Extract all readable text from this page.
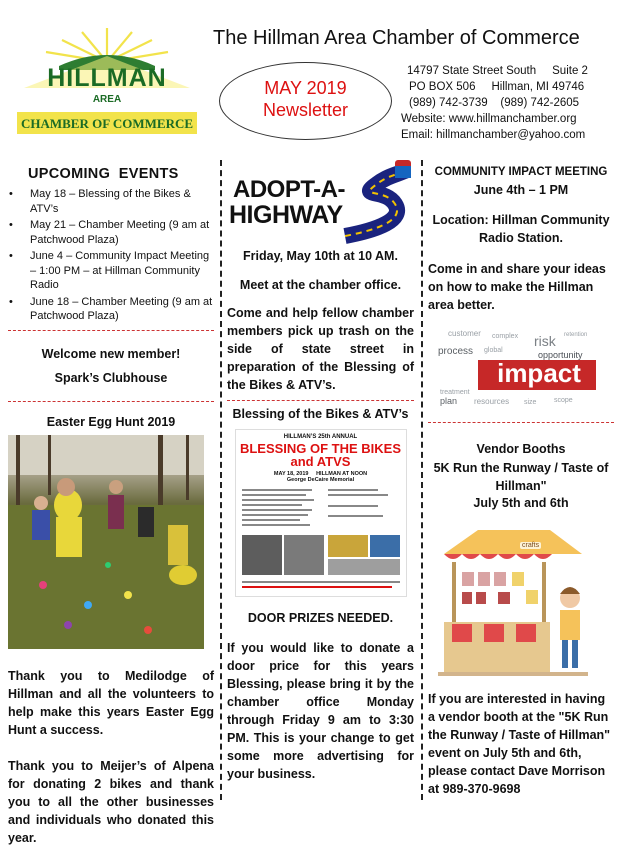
HILLMAN
AREA
CHAMBER OF COMMERCE
The Hillman Area Chamber of Commerce
MAY 2019
Newsletter
14797 State Street South     Suite 2
PO BOX 506     Hillman, MI 49746
(989) 742-3739    (989) 742-2605
Website: www.hillmanchamber.org
Email: hillmanchamber@yahoo.com
UPCOMING  EVENTS
• May 18 – Blessing of the Bikes & ATV’s
• May 21 – Chamber Meeting (9 am at Patchwood Plaza)
• June 4 – Community Impact Meeting – 1:00 PM – at Hillman Community Radio
• June 18 – Chamber Meeting (9 am at Patchwood Plaza)
Welcome new member!
Spark’s Clubhouse
Easter Egg Hunt 2019
Thank you to Medilodge of Hillman and all the volunteers to help make this years Easter Egg Hunt a success.
Thank you to Meijer’s of Alpena for donating 2 bikes and thank you to all the other businesses and individuals who donated this year.
ADOPT-A-
HIGHWAY
Friday, May 10th at 10 AM.
Meet at the chamber office.
Come and help fellow chamber members pick up trash on the side of state street in preparation of the Blessing of the Bikes & ATV’s.
Blessing of the Bikes & ATV’s
HILLMAN’S 25th ANNUAL
BLESSING OF THE BIKES
and ATVS
MAY 18, 2019     HILLMAN AT NOON
George DeCaire Memorial
DOOR PRIZES NEEDED.
If you would like to donate a door price for this years Blessing, please bring it by the chamber office Monday through Friday 9 am to 3:30 PM. This is your change to get some more advertising for your business.
COMMUNITY IMPACT MEETING
June 4th – 1 PM
Location: Hillman Community Radio Station.
Come in and share your ideas on how to make the Hillman area better.
customer complex risk retention
process global	opportunity
treatment
plan resources size	scope
impact
Vendor Booths
5K Run the Runway / Taste of Hillman"
July 5th and 6th
crafts
If you are interested in having a vendor booth at the "5K Run the Runway / Taste of Hillman" event on July 5th and 6th, please contact Dave Morrison at 989-370-9698
